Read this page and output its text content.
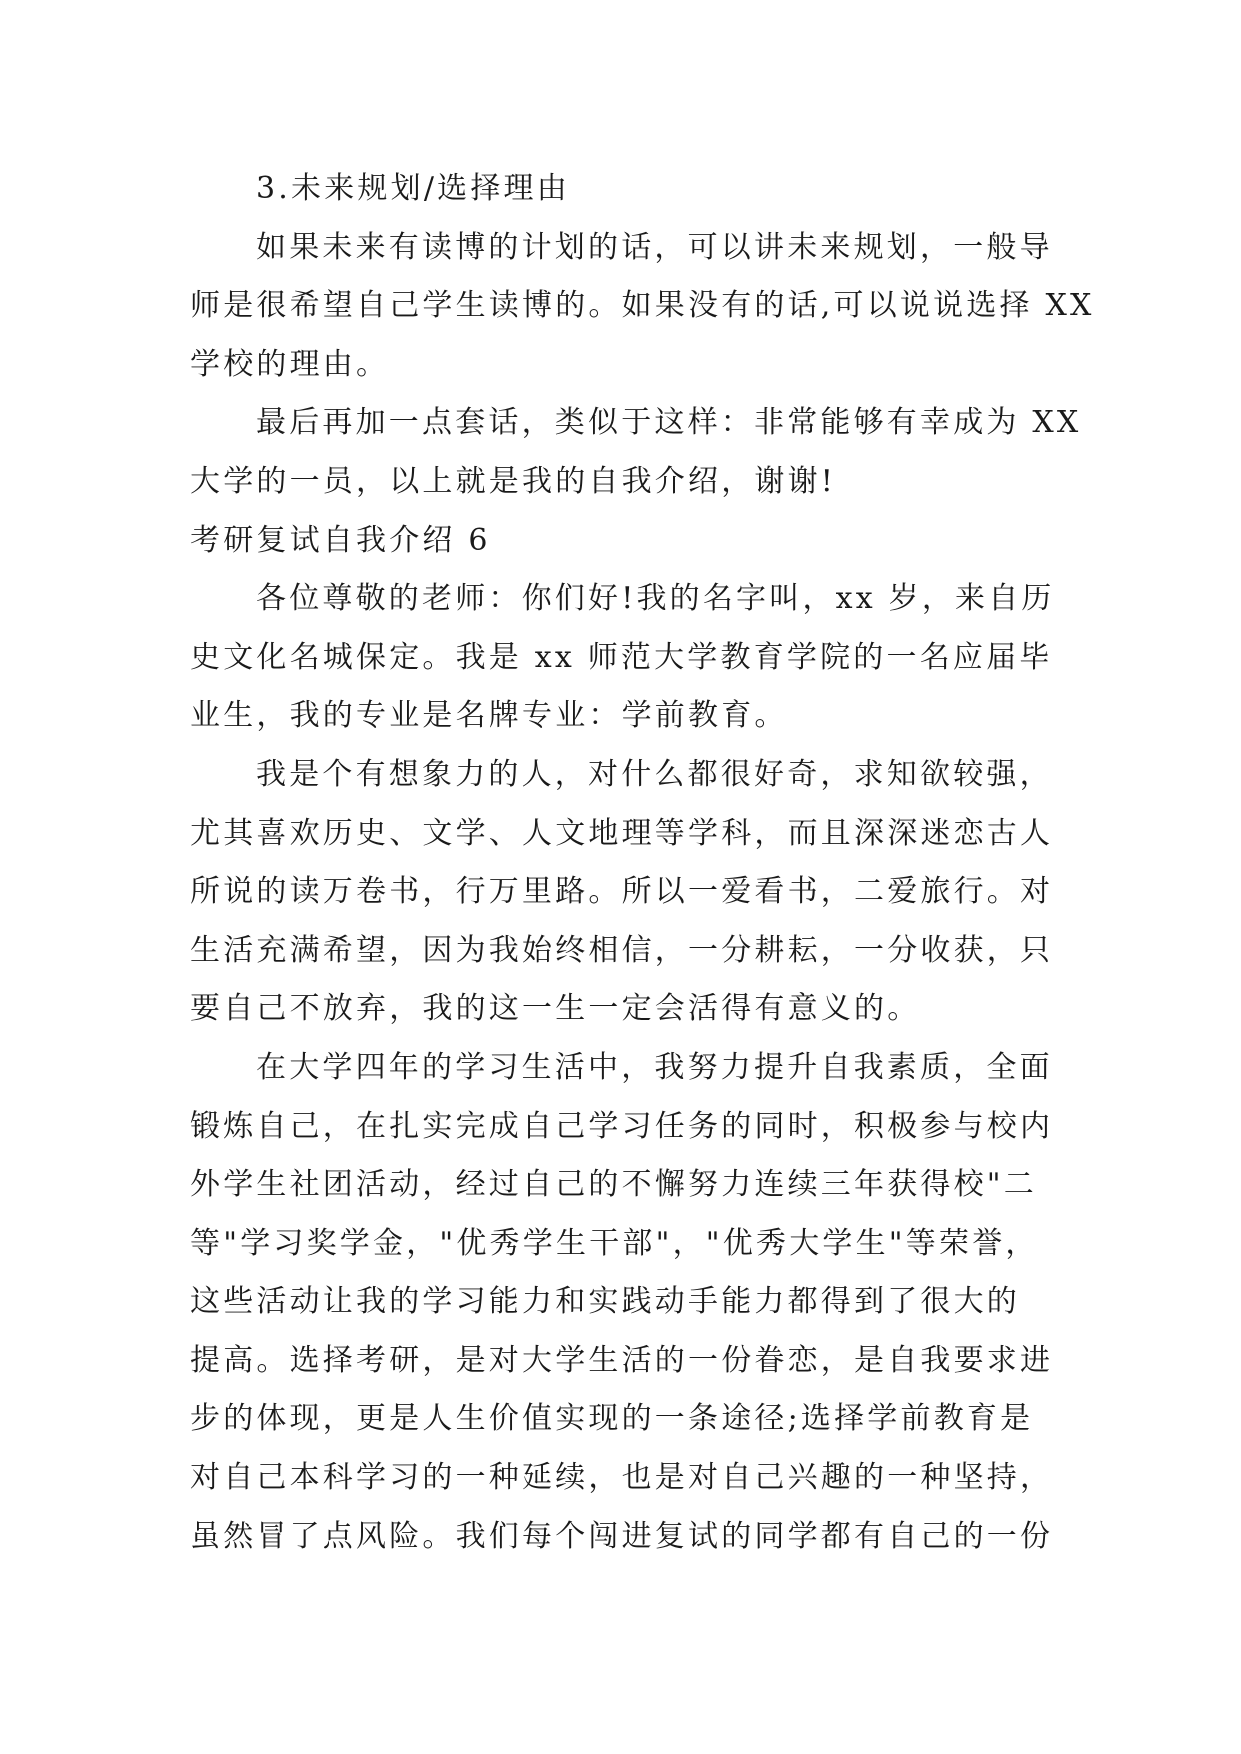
3.未来规划/选择理由
如果未来有读博的计划的话，可以讲未来规划，一般导
师是很希望自己学生读博的。如果没有的话,可以说说选择 XX
学校的理由。
最后再加一点套话，类似于这样：非常能够有幸成为 XX
大学的一员，以上就是我的自我介绍，谢谢!
考研复试自我介绍 6
各位尊敬的老师：你们好!我的名字叫，xx 岁，来自历
史文化名城保定。我是 xx 师范大学教育学院的一名应届毕
业生，我的专业是名牌专业：学前教育。
我是个有想象力的人，对什么都很好奇，求知欲较强，
尤其喜欢历史、文学、人文地理等学科，而且深深迷恋古人
所说的读万卷书，行万里路。所以一爱看书，二爱旅行。对
生活充满希望，因为我始终相信，一分耕耘，一分收获，只
要自己不放弃，我的这一生一定会活得有意义的。
在大学四年的学习生活中，我努力提升自我素质，全面
锻炼自己，在扎实完成自己学习任务的同时，积极参与校内
外学生社团活动，经过自己的不懈努力连续三年获得校"二
等"学习奖学金，"优秀学生干部"，"优秀大学生"等荣誉，
这些活动让我的学习能力和实践动手能力都得到了很大的
提高。选择考研，是对大学生活的一份眷恋，是自我要求进
步的体现，更是人生价值实现的一条途径;选择学前教育是
对自己本科学习的一种延续，也是对自己兴趣的一种坚持，
虽然冒了点风险。我们每个闯进复试的同学都有自己的一份
